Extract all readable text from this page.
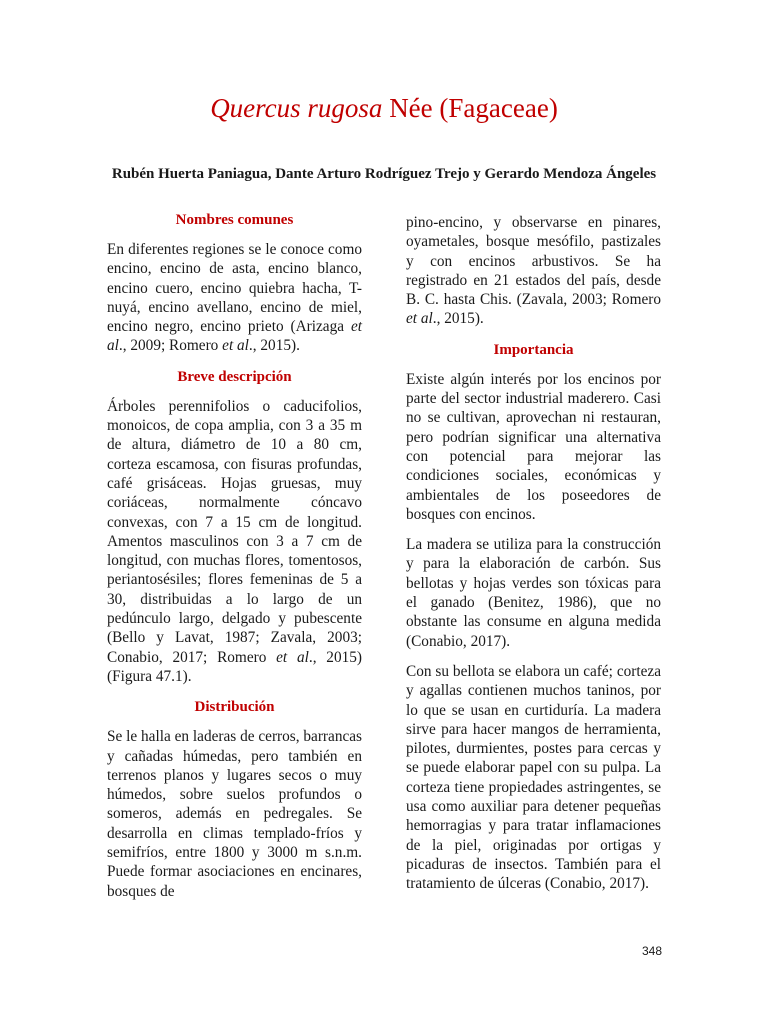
Quercus rugosa Née (Fagaceae)

Rubén Huerta Paniagua, Dante Arturo Rodríguez Trejo y Gerardo Mendoza Ángeles

Nombres comunes

En diferentes regiones se le conoce como encino, encino de asta, encino blanco, encino cuero, encino quiebra hacha, T-nuyá, encino avellano, encino de miel, encino negro, encino prieto (Arizaga et al., 2009; Romero et al., 2015).

Breve descripción

Árboles perennifolios o caducifolios, monoicos, de copa amplia, con 3 a 35 m de altura, diámetro de 10 a 80 cm, corteza escamosa, con fisuras profundas, café grisáceas. Hojas gruesas, muy coriáceas, normalmente cóncavo convexas, con 7 a 15 cm de longitud. Amentos masculinos con 3 a 7 cm de longitud, con muchas flores, tomentosos, periantosésiles; flores femeninas de 5 a 30, distribuidas a lo largo de un pedúnculo largo, delgado y pubescente (Bello y Lavat, 1987; Zavala, 2003; Conabio, 2017; Romero et al., 2015) (Figura 47.1).

Distribución

Se le halla en laderas de cerros, barrancas y cañadas húmedas, pero también en terrenos planos y lugares secos o muy húmedos, sobre suelos profundos o someros, además en pedregales. Se desarrolla en climas templado-fríos y semifríos, entre 1800 y 3000 m s.n.m. Puede formar asociaciones en encinares, bosques de

pino-encino, y observarse en pinares, oyametales, bosque mesófilo, pastizales y con encinos arbustivos. Se ha registrado en 21 estados del país, desde B. C. hasta Chis. (Zavala, 2003; Romero et al., 2015).

Importancia

Existe algún interés por los encinos por parte del sector industrial maderero. Casi no se cultivan, aprovechan ni restauran, pero podrían significar una alternativa con potencial para mejorar las condiciones sociales, económicas y ambientales de los poseedores de bosques con encinos.

La madera se utiliza para la construcción y para la elaboración de carbón. Sus bellotas y hojas verdes son tóxicas para el ganado (Benitez, 1986), que no obstante las consume en alguna medida (Conabio, 2017).

Con su bellota se elabora un café; corteza y agallas contienen muchos taninos, por lo que se usan en curtiduría. La madera sirve para hacer mangos de herramienta, pilotes, durmientes, postes para cercas y se puede elaborar papel con su pulpa. La corteza tiene propiedades astringentes, se usa como auxiliar para detener pequeñas hemorragias y para tratar inflamaciones de la piel, originadas por ortigas y picaduras de insectos. También para el tratamiento de úlceras (Conabio, 2017).

348
